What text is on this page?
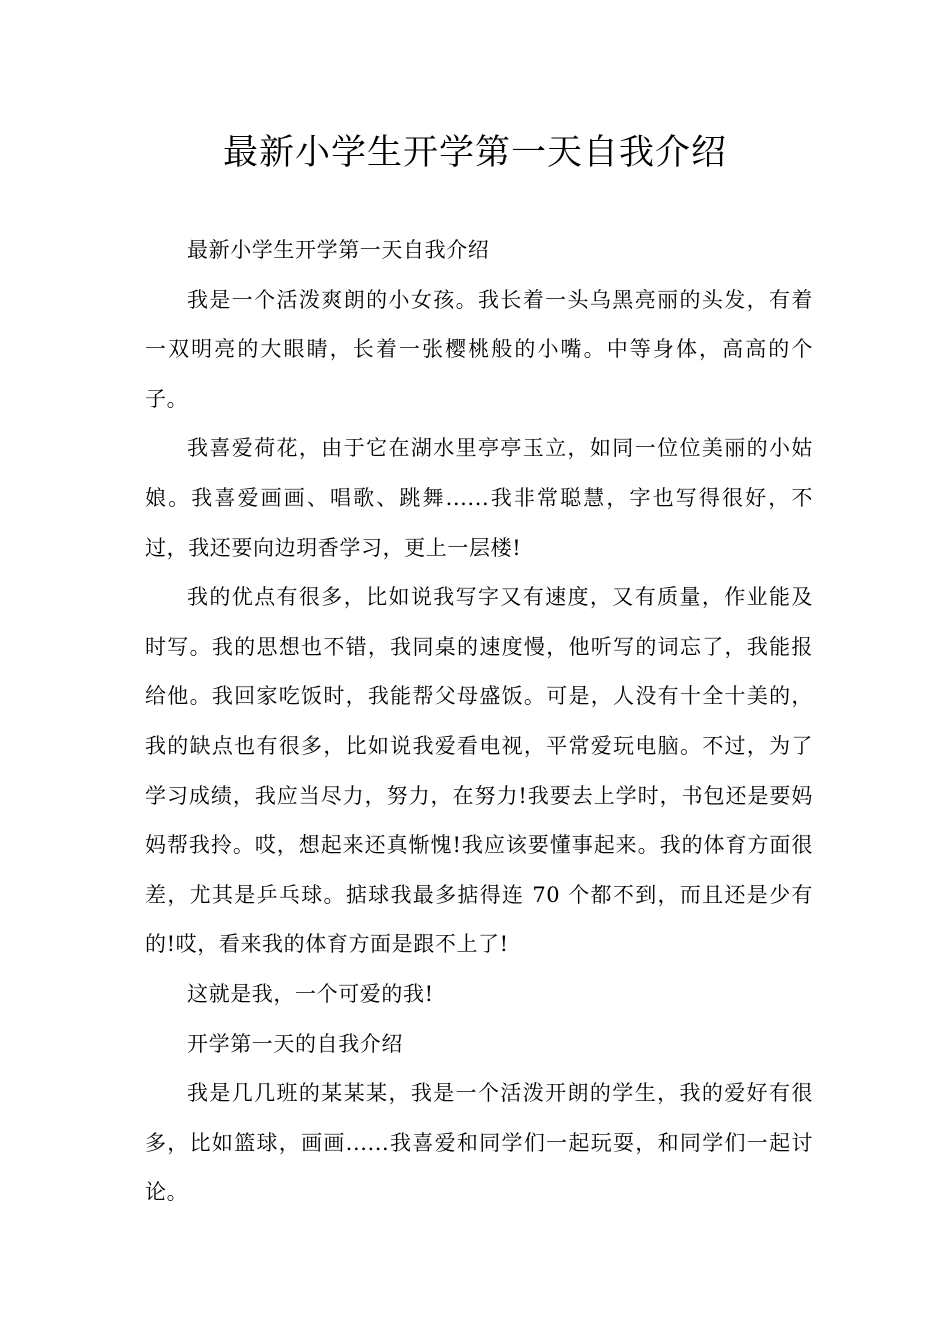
最新小学生开学第一天自我介绍

最新小学生开学第一天自我介绍

我是一个活泼爽朗的小女孩。我长着一头乌黑亮丽的头发，有着一双明亮的大眼睛，长着一张樱桃般的小嘴。中等身体，高高的个子。

我喜爱荷花，由于它在湖水里亭亭玉立，如同一位位美丽的小姑娘。我喜爱画画、唱歌、跳舞......我非常聪慧，字也写得很好，不过，我还要向边玥香学习，更上一层楼!

我的优点有很多，比如说我写字又有速度，又有质量，作业能及时写。我的思想也不错，我同桌的速度慢，他听写的词忘了，我能报给他。我回家吃饭时，我能帮父母盛饭。可是，人没有十全十美的，我的缺点也有很多，比如说我爱看电视，平常爱玩电脑。不过，为了学习成绩，我应当尽力，努力，在努力!我要去上学时，书包还是要妈妈帮我拎。哎，想起来还真惭愧!我应该要懂事起来。我的体育方面很差，尤其是乒乓球。掂球我最多掂得连 70 个都不到，而且还是少有的!哎，看来我的体育方面是跟不上了!

这就是我，一个可爱的我!

开学第一天的自我介绍

我是几几班的某某某，我是一个活泼开朗的学生，我的爱好有很多，比如篮球，画画......我喜爱和同学们一起玩耍，和同学们一起讨论。
